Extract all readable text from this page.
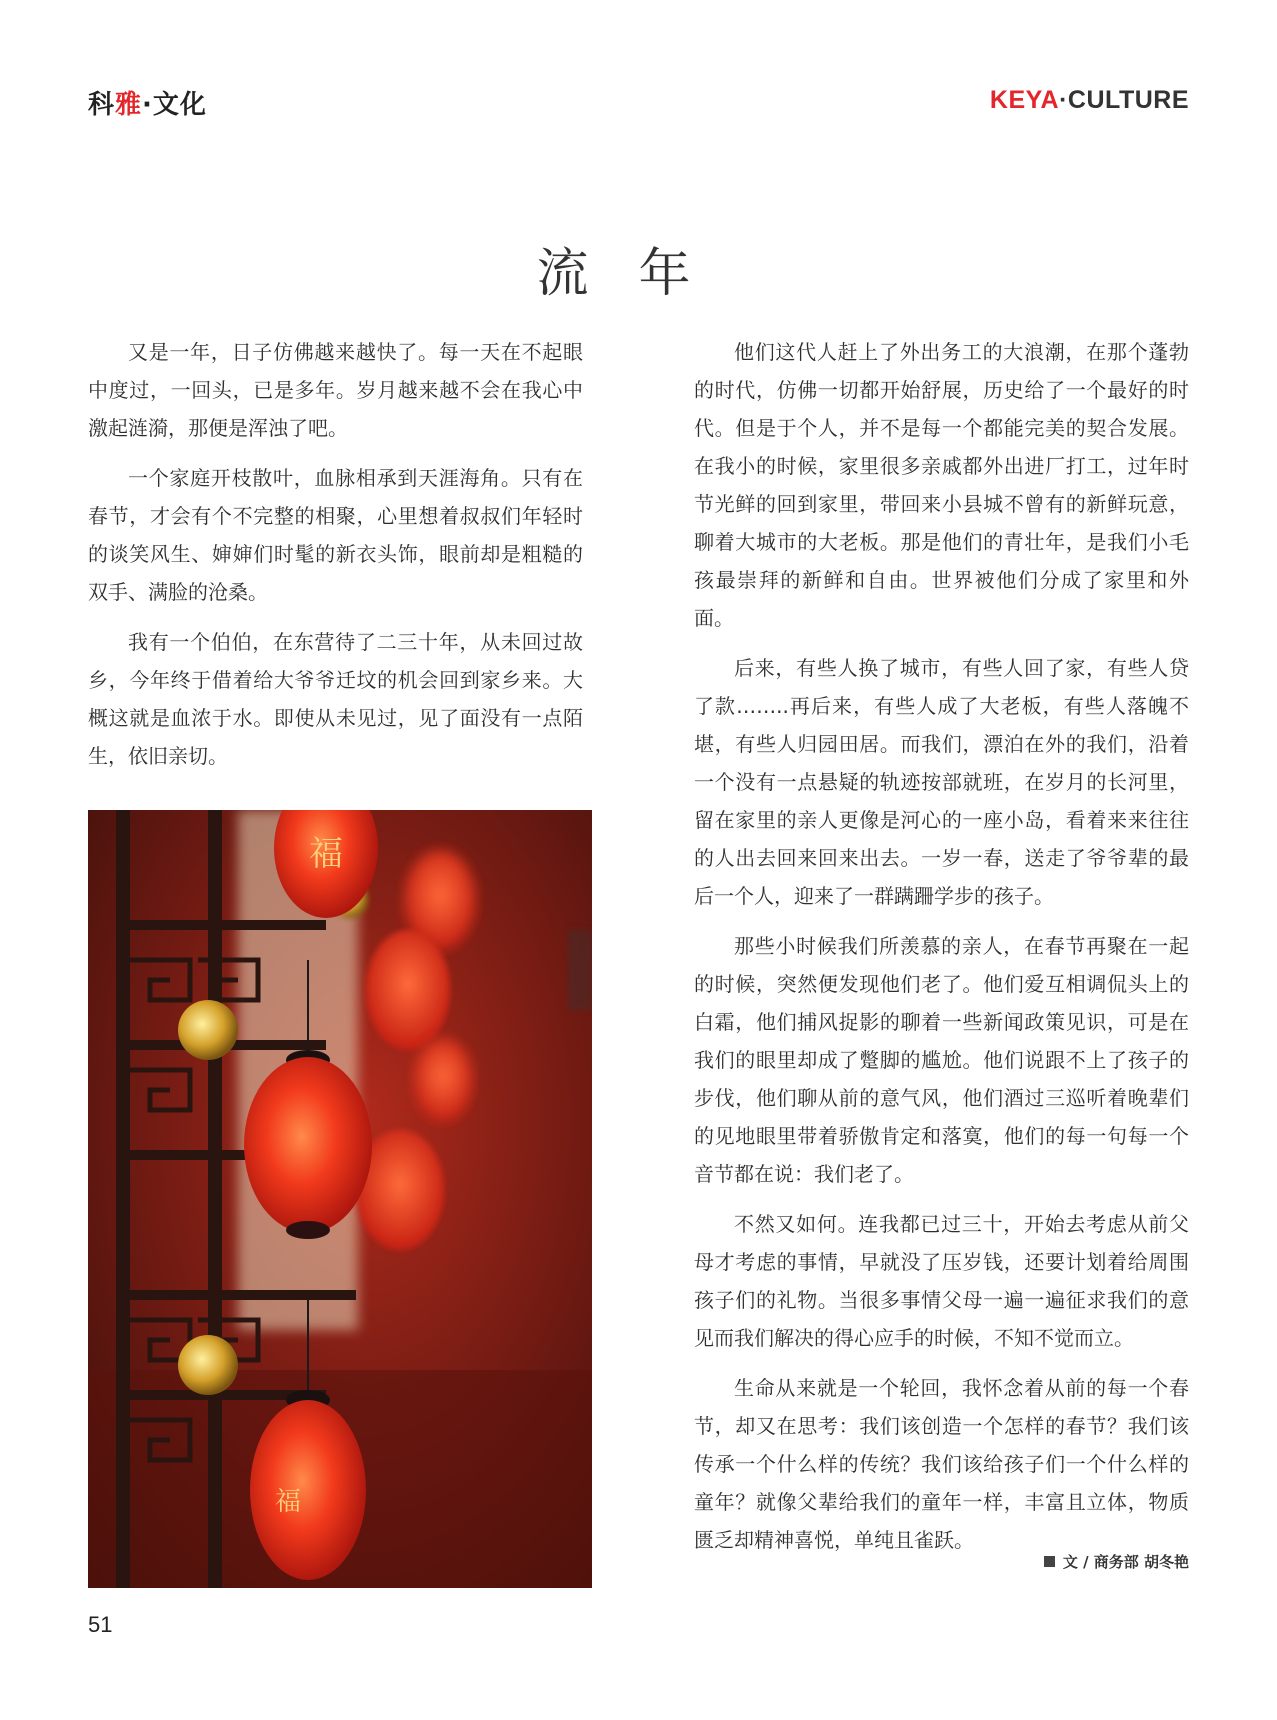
科雅·文化	KEYA·CULTURE
流年

又是一年，日子仿佛越来越快了。每一天在不起眼中度过，一回头，已是多年。岁月越来越不会在我心中激起涟漪，那便是浑浊了吧。

一个家庭开枝散叶，血脉相承到天涯海角。只有在春节，才会有个不完整的相聚，心里想着叔叔们年轻时的谈笑风生、婶婶们时髦的新衣头饰，眼前却是粗糙的双手、满脸的沧桑。

我有一个伯伯，在东营待了二三十年，从未回过故乡，今年终于借着给大爷爷迁坟的机会回到家乡来。大概这就是血浓于水。即使从未见过，见了面没有一点陌生，依旧亲切。

福
福

他们这代人赶上了外出务工的大浪潮，在那个蓬勃的时代，仿佛一切都开始舒展，历史给了一个最好的时代。但是于个人，并不是每一个都能完美的契合发展。在我小的时候，家里很多亲戚都外出进厂打工，过年时节光鲜的回到家里，带回来小县城不曾有的新鲜玩意，聊着大城市的大老板。那是他们的青壮年，是我们小毛孩最崇拜的新鲜和自由。世界被他们分成了家里和外面。

后来，有些人换了城市，有些人回了家，有些人贷了款……..再后来，有些人成了大老板，有些人落魄不堪，有些人归园田居。而我们，漂泊在外的我们，沿着一个没有一点悬疑的轨迹按部就班，在岁月的长河里，留在家里的亲人更像是河心的一座小岛，看着来来往往的人出去回来回来出去。一岁一春，送走了爷爷辈的最后一个人，迎来了一群蹒跚学步的孩子。

那些小时候我们所羡慕的亲人，在春节再聚在一起的时候，突然便发现他们老了。他们爱互相调侃头上的白霜，他们捕风捉影的聊着一些新闻政策见识，可是在我们的眼里却成了蹩脚的尴尬。他们说跟不上了孩子的步伐，他们聊从前的意气风，他们酒过三巡听着晚辈们的见地眼里带着骄傲肯定和落寞，他们的每一句每一个音节都在说：我们老了。

不然又如何。连我都已过三十，开始去考虑从前父母才考虑的事情，早就没了压岁钱，还要计划着给周围孩子们的礼物。当很多事情父母一遍一遍征求我们的意见而我们解决的得心应手的时候，不知不觉而立。

生命从来就是一个轮回，我怀念着从前的每一个春节，却又在思考：我们该创造一个怎样的春节？我们该传承一个什么样的传统？我们该给孩子们一个什么样的童年？就像父辈给我们的童年一样，丰富且立体，物质匮乏却精神喜悦，单纯且雀跃。

文 / 商务部 胡冬艳
51
